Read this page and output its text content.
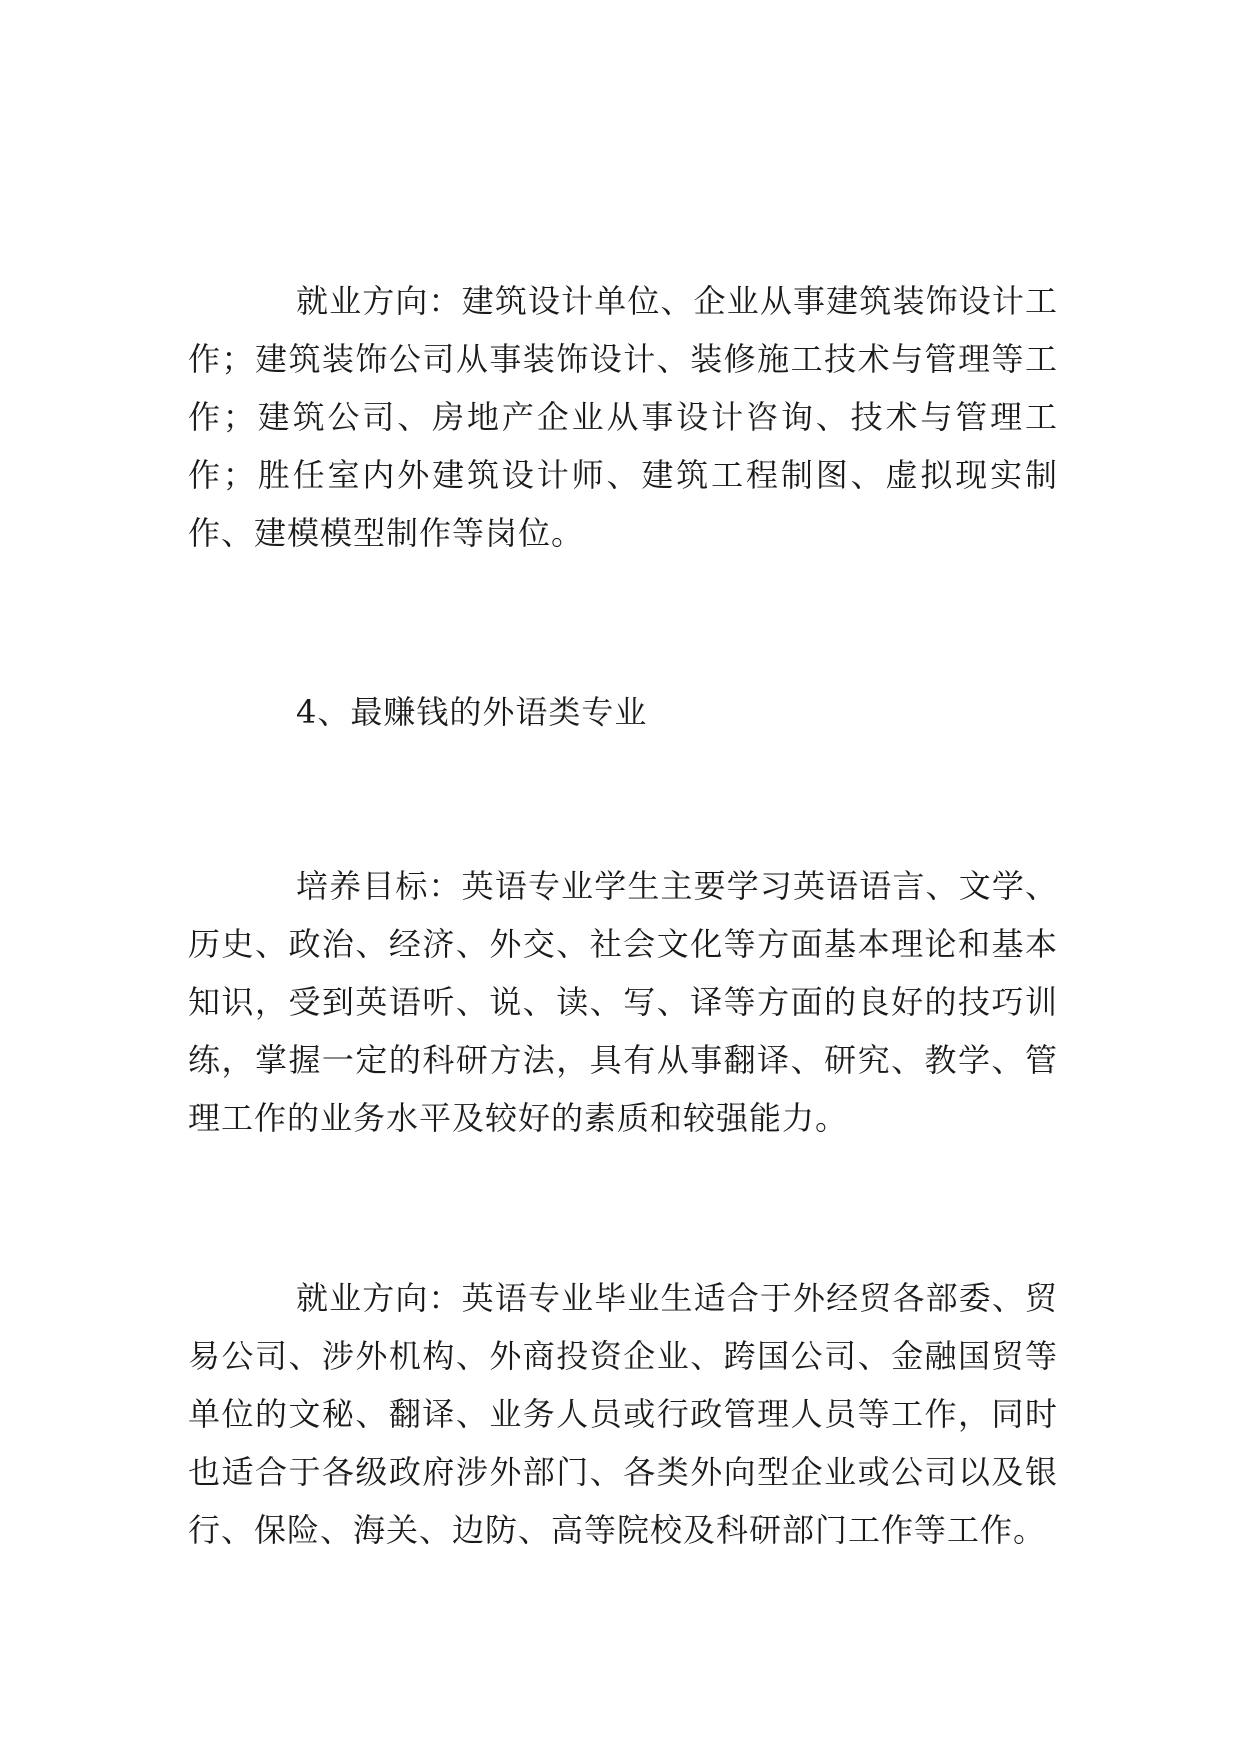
就业方向：建筑设计单位、企业从事建筑装饰设计工作；建筑装饰公司从事装饰设计、装修施工技术与管理等工作；建筑公司、房地产企业从事设计咨询、技术与管理工作；胜任室内外建筑设计师、建筑工程制图、虚拟现实制作、建模模型制作等岗位。

4、最赚钱的外语类专业

培养目标：英语专业学生主要学习英语语言、文学、历史、政治、经济、外交、社会文化等方面基本理论和基本知识，受到英语听、说、读、写、译等方面的良好的技巧训练，掌握一定的科研方法，具有从事翻译、研究、教学、管理工作的业务水平及较好的素质和较强能力。

就业方向：英语专业毕业生适合于外经贸各部委、贸易公司、涉外机构、外商投资企业、跨国公司、金融国贸等单位的文秘、翻译、业务人员或行政管理人员等工作，同时也适合于各级政府涉外部门、各类外向型企业或公司以及银行、保险、海关、边防、高等院校及科研部门工作等工作。
